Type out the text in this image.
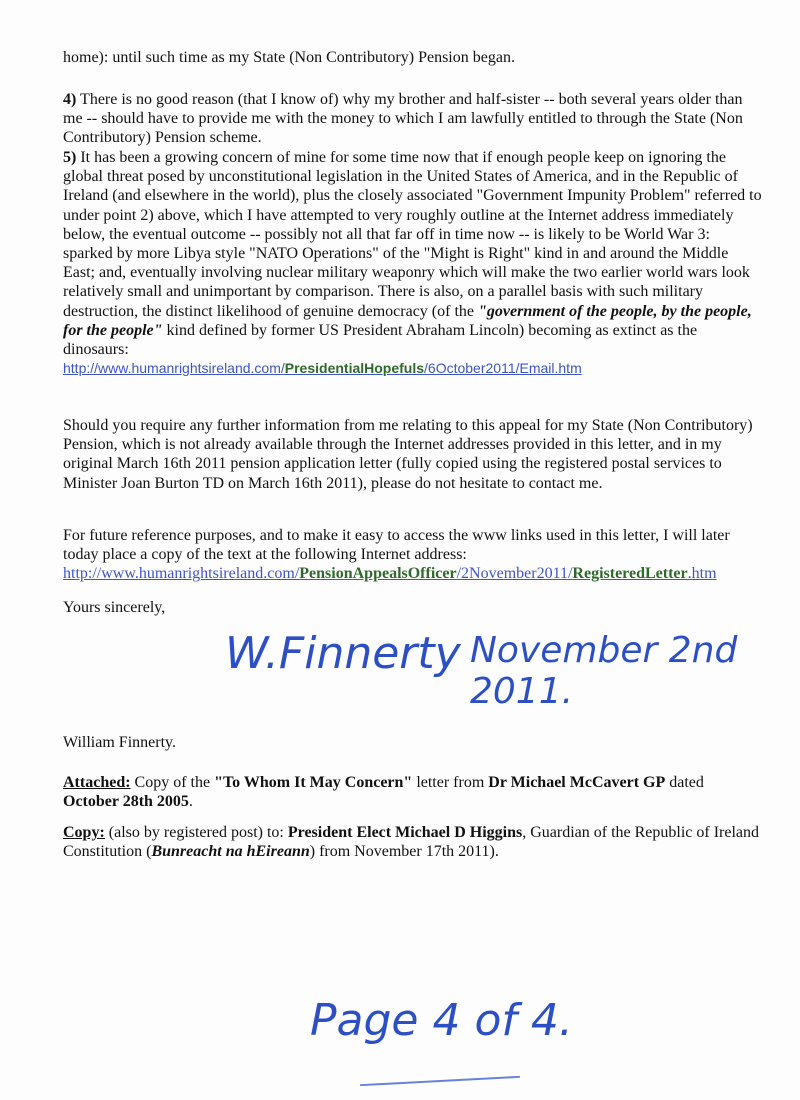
home): until such time as my State (Non Contributory) Pension began.

4) There is no good reason (that I know of) why my brother and half-sister -- both several years older than me -- should have to provide me with the money to which I am lawfully entitled to through the State (Non Contributory) Pension scheme.

5) It has been a growing concern of mine for some time now that if enough people keep on ignoring the global threat posed by unconstitutional legislation in the United States of America, and in the Republic of Ireland (and elsewhere in the world), plus the closely associated "Government Impunity Problem" referred to under point 2) above, which I have attempted to very roughly outline at the Internet address immediately below, the eventual outcome -- possibly not all that far off in time now -- is likely to be World War 3: sparked by more Libya style "NATO Operations" of the "Might is Right" kind in and around the Middle East; and, eventually involving nuclear military weaponry which will make the two earlier world wars look relatively small and unimportant by comparison. There is also, on a parallel basis with such military destruction, the distinct likelihood of genuine democracy (of the "government of the people, by the people, for the people" kind defined by former US President Abraham Lincoln) becoming as extinct as the dinosaurs:
http://www.humanrightsireland.com/PresidentialHopefuls/6October2011/Email.htm

Should you require any further information from me relating to this appeal for my State (Non Contributory) Pension, which is not already available through the Internet addresses provided in this letter, and in my original March 16th 2011 pension application letter (fully copied using the registered postal services to Minister Joan Burton TD on March 16th 2011), please do not hesitate to contact me.

For future reference purposes, and to make it easy to access the www links used in this letter, I will later today place a copy of the text at the following Internet address:
http://www.humanrightsireland.com/PensionAppealsOfficer/2November2011/RegisteredLetter.htm

Yours sincerely,

W.Finnerty November 2nd 2011.

William Finnerty.

Attached: Copy of the "To Whom It May Concern" letter from Dr Michael McCavert GP dated October 28th 2005.

Copy: (also by registered post) to: President Elect Michael D Higgins, Guardian of the Republic of Ireland Constitution (Bunreacht na hEireann) from November 17th 2011).

Page 4 of 4.
